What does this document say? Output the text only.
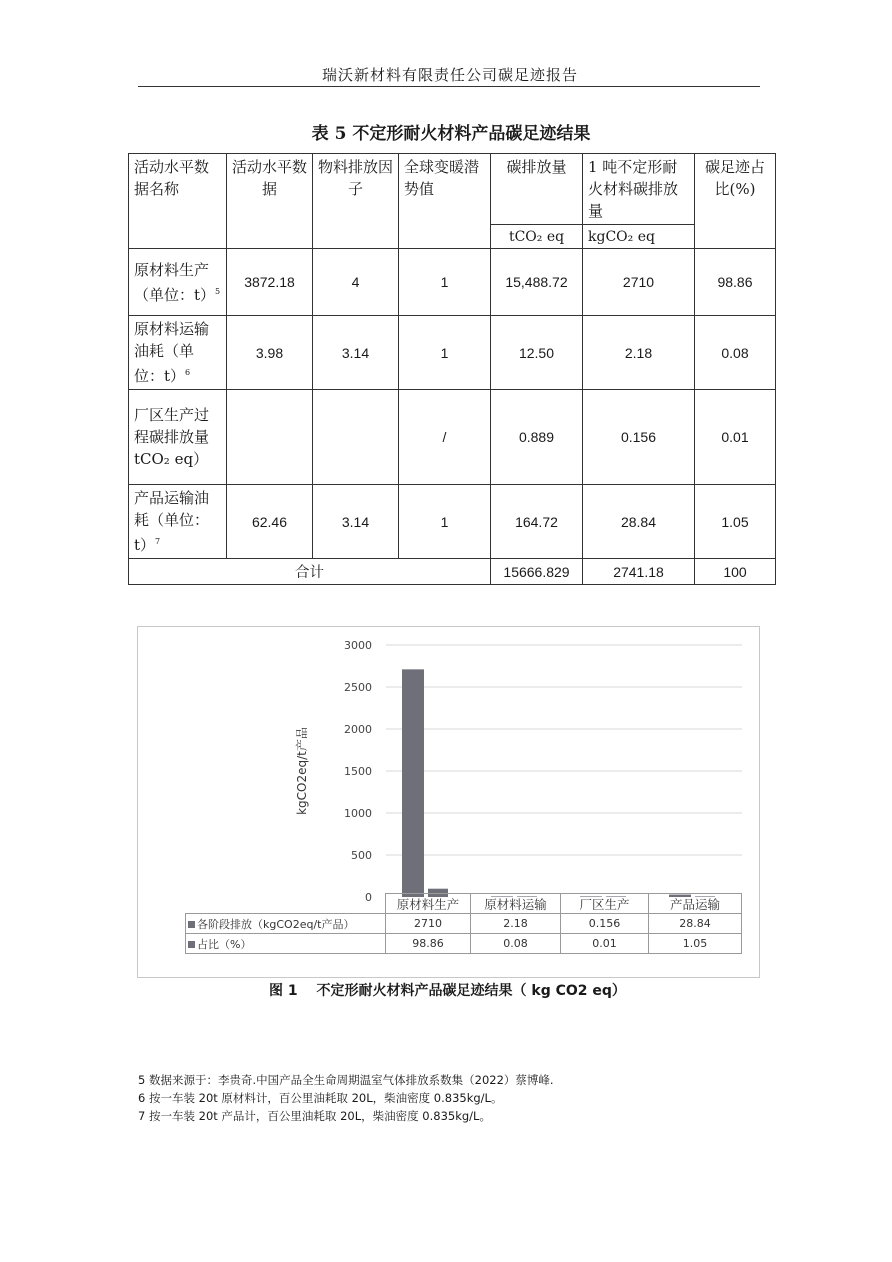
瑞沃新材料有限责任公司碳足迹报告
表 5 不定形耐火材料产品碳足迹结果
活动水平数据名称	活动水平数据	物料排放因子	全球变暖潜势值	碳排放量	1 吨不定形耐火材料碳排放量	碳足迹占比(%)
				tCO₂ eq	kgCO₂ eq	
原材料生产（单位：t）$^5$	3872.18	4	1	15,488.72	2710	98.86
原材料运输油耗（单位：t）$^6$	3.98	3.14	1	12.50	2.18	0.08
厂区生产过程碳排放量 tCO₂ eq）			/	0.889	0.156	0.01
产品运输油耗（单位：t）$^7$	62.46	3.14	1	164.72	28.84	1.05
合计				15666.829	2741.18	100
0
500
1000
1500
2000
2500
3000
kgCO2eq/t产品
	原材料生产	原材料运输	厂区生产	产品运输
各阶段排放（kgCO2eq/t产品）	2710	2.18	0.156	28.84
占比（%）	98.86	0.08	0.01	1.05
图 1　 不定形耐火材料产品碳足迹结果（ kg CO2 eq）
5 数据来源于：李贵奇.中国产品全生命周期温室气体排放系数集（2022）蔡博峰.
6 按一车装 20t 原材料计，百公里油耗取 20L，柴油密度 0.835kg/L。
7 按一车装 20t 产品计，百公里油耗取 20L，柴油密度 0.835kg/L。
